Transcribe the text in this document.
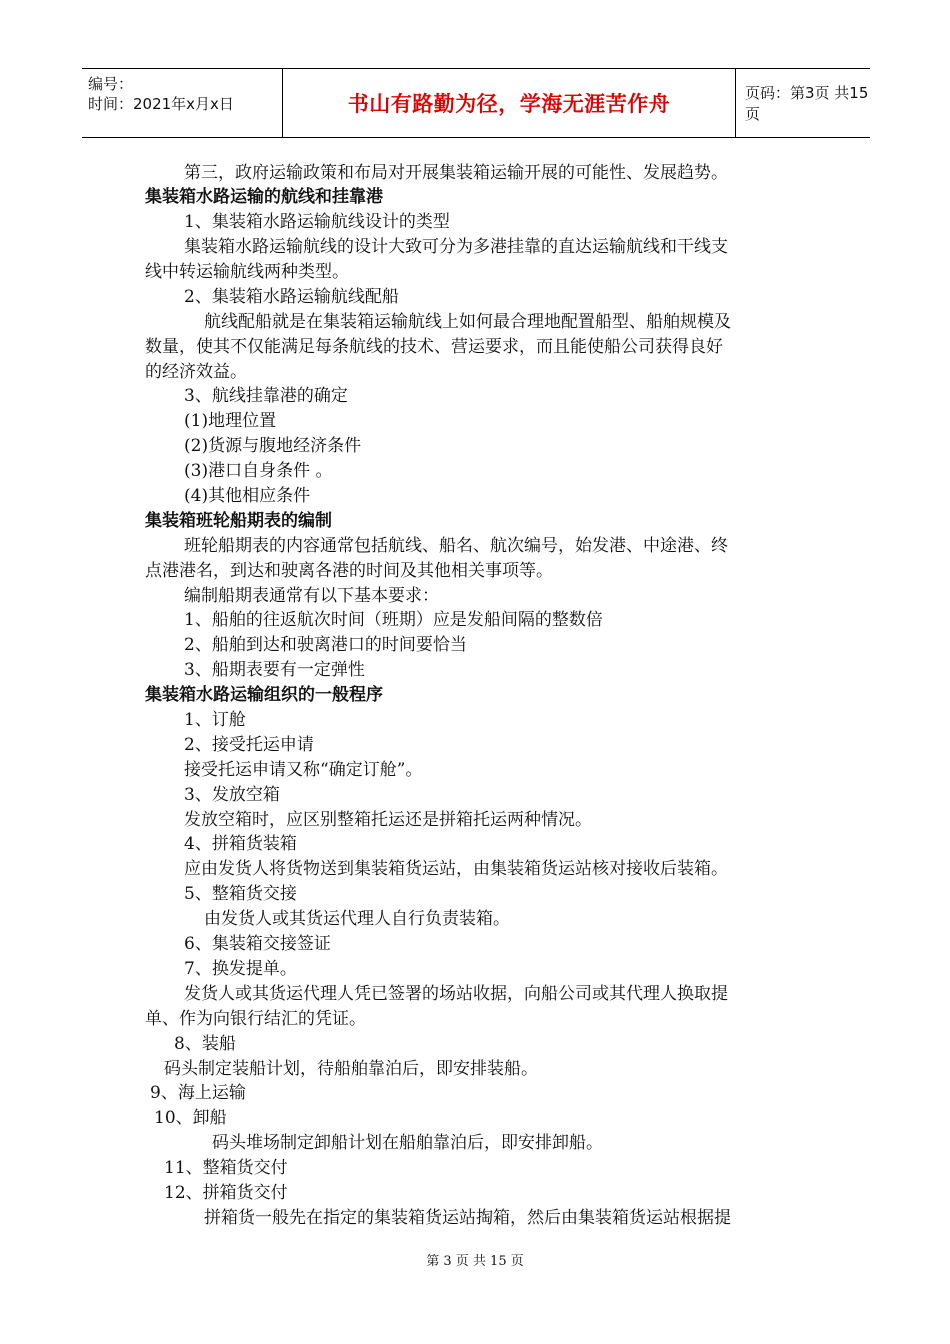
编号：
时间：2021年x月x日	书山有路勤为径，学海无涯苦作舟	页码：第3页 共15页
第三，政府运输政策和布局对开展集装箱运输开展的可能性、发展趋势。
集装箱水路运输的航线和挂靠港
1、集装箱水路运输航线设计的类型
集装箱水路运输航线的设计大致可分为多港挂靠的直达运输航线和干线支
线中转运输航线两种类型。
2、集装箱水路运输航线配船
航线配船就是在集装箱运输航线上如何最合理地配置船型、船舶规模及
数量，使其不仅能满足每条航线的技术、营运要求，而且能使船公司获得良好
的经济效益。
3、航线挂靠港的确定
(1)地理位置
(2)货源与腹地经济条件
(3)港口自身条件 。
(4)其他相应条件
集装箱班轮船期表的编制
班轮船期表的内容通常包括航线、船名、航次编号，始发港、中途港、终
点港港名，到达和驶离各港的时间及其他相关事项等。
编制船期表通常有以下基本要求：
1、船舶的往返航次时间（班期）应是发船间隔的整数倍
2、船舶到达和驶离港口的时间要恰当
3、船期表要有一定弹性
集装箱水路运输组织的一般程序
1、订舱
2、接受托运申请
接受托运申请又称“确定订舱”。
3、发放空箱
发放空箱时，应区别整箱托运还是拼箱托运两种情况。
4、拼箱货装箱
应由发货人将货物送到集装箱货运站，由集装箱货运站核对接收后装箱。
5、整箱货交接
由发货人或其货运代理人自行负责装箱。
6、集装箱交接签证
7、换发提单。
发货人或其货运代理人凭已签署的场站收据，向船公司或其代理人换取提
单、作为向银行结汇的凭证。
8、装船
码头制定装船计划，待船舶靠泊后，即安排装船。
9、海上运输
10、卸船
码头堆场制定卸船计划在船舶靠泊后，即安排卸船。
11、整箱货交付
12、拼箱货交付
拼箱货一般先在指定的集装箱货运站掏箱，然后由集装箱货运站根据提
第 3 页 共 15 页
